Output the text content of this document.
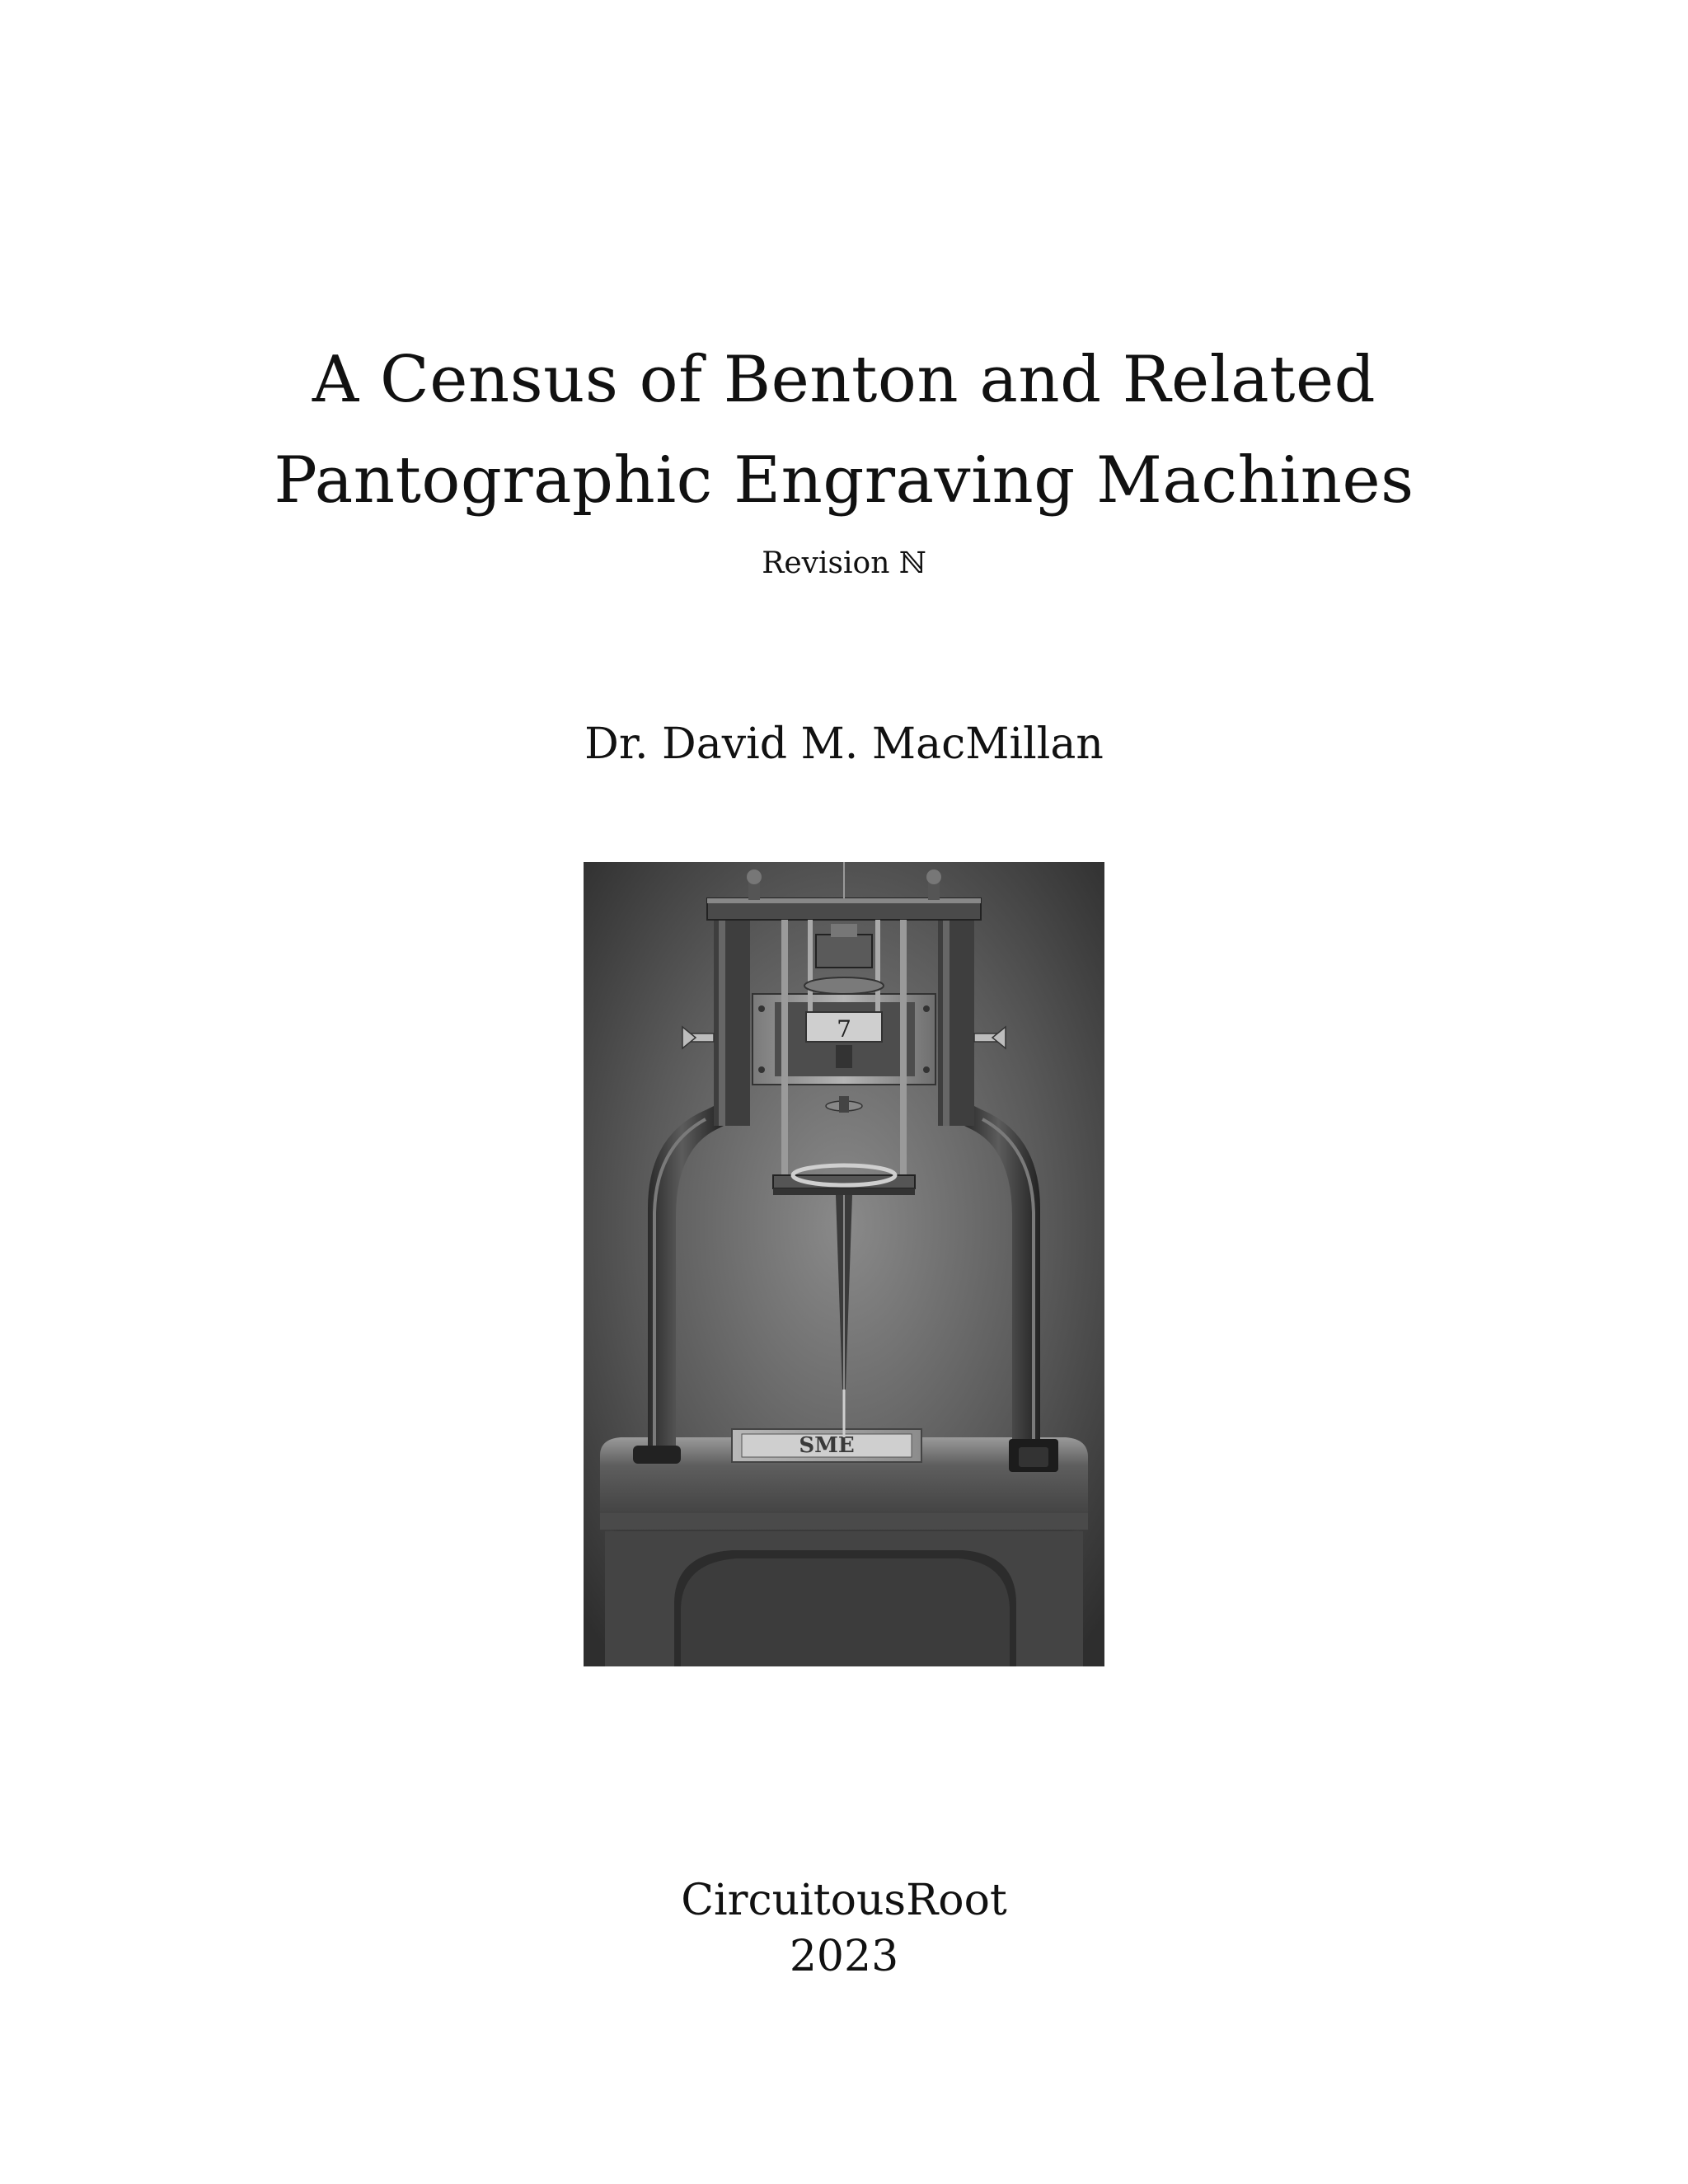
A Census of Benton and Related
Pantographic Engraving Machines
Revision ℕ
Dr. David M. MacMillan
SME
7
CircuitousRoot
2023
